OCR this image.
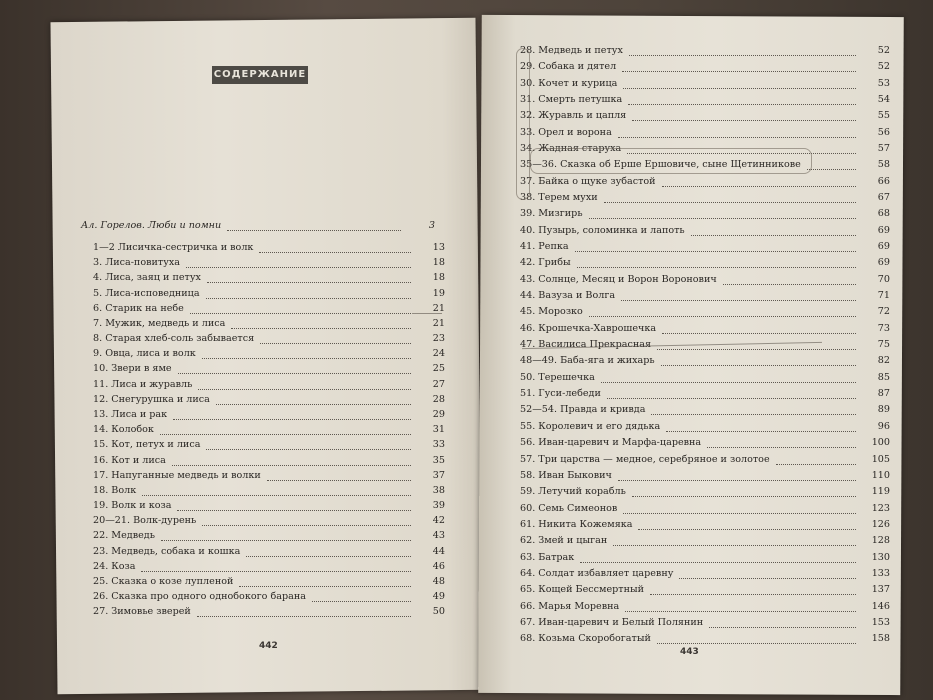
СОДЕРЖАНИЕ
Ал. Горелов. Люби и помни	3
1—2 Лисичка-сестричка и волк	13
3. Лиса-повитуха	18
4. Лиса, заяц и петух	18
5. Лиса-исповедница	19
6. Старик на небе	21
7. Мужик, медведь и лиса	21
8. Старая хлеб-соль забывается	23
9. Овца, лиса и волк	24
10. Звери в яме	25
11. Лиса и журавль	27
12. Снегурушка и лиса	28
13. Лиса и рак	29
14. Колобок	31
15. Кот, петух и лиса	33
16. Кот и лиса	35
17. Напуганные медведь и волки	37
18. Волк	38
19. Волк и коза	39
20—21. Волк-дурень	42
22. Медведь	43
23. Медведь, собака и кошка	44
24. Коза	46
25. Сказка о козе лупленой	48
26. Сказка про одного однобокого барана	49
27. Зимовье зверей	50
28. Медведь и петух	52
29. Собака и дятел	52
30. Кочет и курица	53
31. Смерть петушка	54
32. Журавль и цапля	55
33. Орел и ворона	56
34. Жадная старуха	57
35—36. Сказка об Ерше Ершовиче, сыне Щетинникове	58
37. Байка о щуке зубастой	66
38. Терем мухи	67
39. Мизгирь	68
40. Пузырь, соломинка и лапоть	69
41. Репка	69
42. Грибы	69
43. Солнце, Месяц и Ворон Воронович	70
44. Вазуза и Волга	71
45. Морозко	72
46. Крошечка-Хаврошечка	73
47. Василиса Прекрасная	75
48—49. Баба-яга и жихарь	82
50. Терешечка	85
51. Гуси-лебеди	87
52—54. Правда и кривда	89
55. Королевич и его дядька	96
56. Иван-царевич и Марфа-царевна	100
57. Три царства — медное, серебряное и золотое	105
58. Иван Быкович	110
59. Летучий корабль	119
60. Семь Симеонов	123
61. Никита Кожемяка	126
62. Змей и цыган	128
63. Батрак	130
64. Солдат избавляет царевну	133
65. Кощей Бессмертный	137
66. Марья Моревна	146
67. Иван-царевич и Белый Полянин	153
68. Козьма Скоробогатый	158
442
443
